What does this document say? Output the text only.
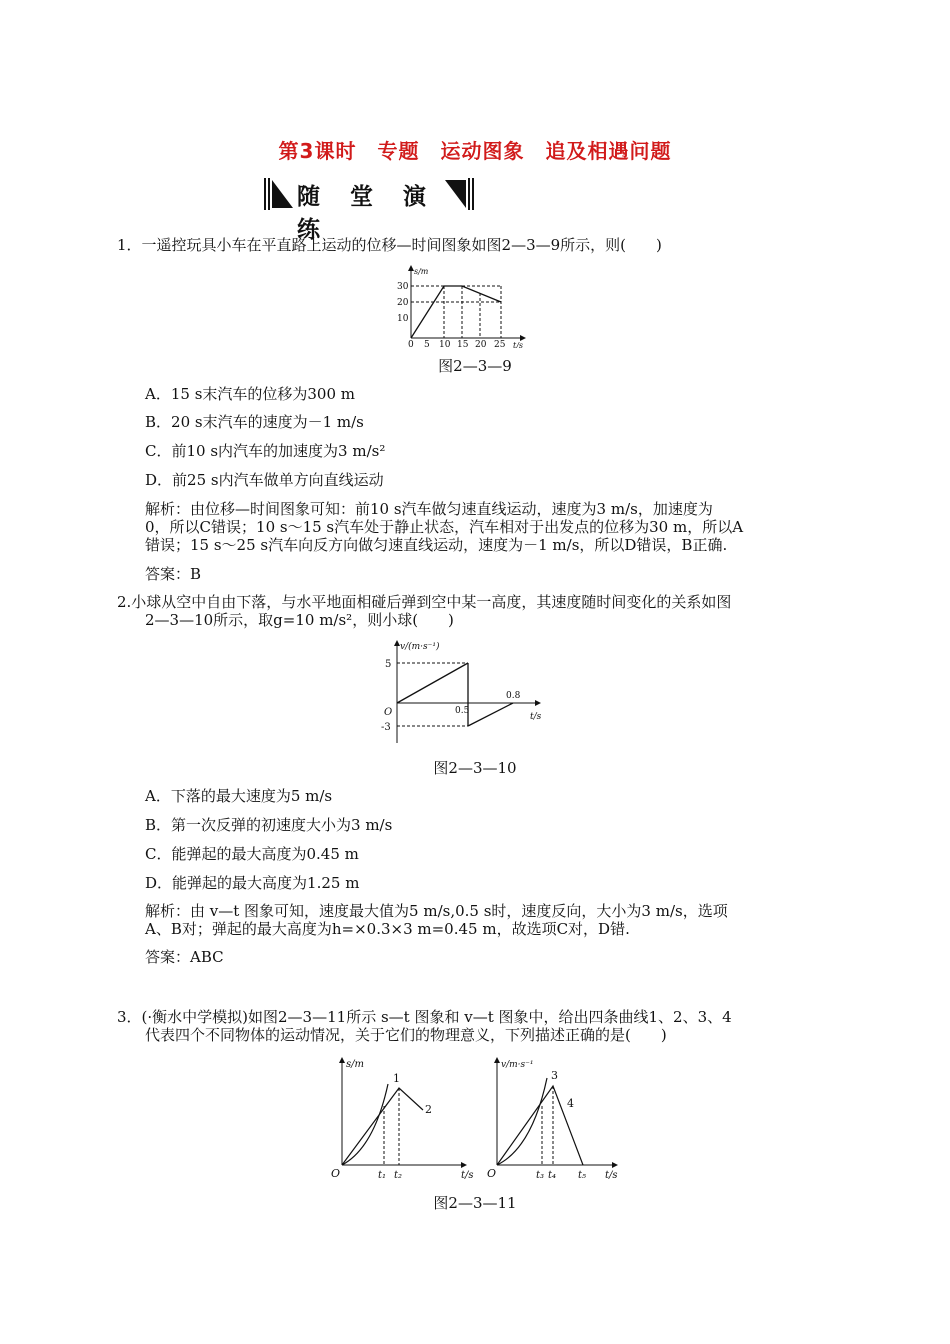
第3课时　专题　运动图象　追及相遇问题
随 堂 演 练
1．一遥控玩具小车在平直路上运动的位移—时间图象如图2—3—9所示，则(　　)
s/m
t/s
30
20
10
0 5 10 15 20 25
图2—3—9
A．15 s末汽车的位移为300 m
B．20 s末汽车的速度为－1 m/s
C．前10 s内汽车的加速度为3 m/s²
D．前25 s内汽车做单方向直线运动
解析：由位移—时间图象可知：前10 s汽车做匀速直线运动，速度为3 m/s，加速度为
0，所以C错误；10 s～15 s汽车处于静止状态，汽车相对于出发点的位移为30 m，所以A
错误；15 s～25 s汽车向反方向做匀速直线运动，速度为－1 m/s，所以D错误，B正确.
答案：B
2.小球从空中自由下落，与水平地面相碰后弹到空中某一高度，其速度随时间变化的关系如图
2—3—10所示，取g=10 m/s²，则小球(　　)
v/(m·s⁻¹)
t/s
5
-3
O	0.5
0.8
图2—3—10
A．下落的最大速度为5 m/s
B．第一次反弹的初速度大小为3 m/s
C．能弹起的最大高度为0.45 m
D．能弹起的最大高度为1.25 m
解析：由 v—t 图象可知，速度最大值为5 m/s,0.5 s时，速度反向，大小为3 m/s，选项
A、B对；弹起的最大高度为h=×0.3×3 m=0.45 m，故选项C对，D错.
答案：ABC
3．(·衡水中学模拟)如图2—3—11所示 s—t 图象和 v—t 图象中，给出四条曲线1、2、3、4
代表四个不同物体的运动情况，关于它们的物理意义，下列描述正确的是(　　)
s/m
t/s
O	t₁ t₂
1
2
v/m·s⁻¹
t/s
O	t₃ t₄ t₅
3
4
图2—3—11
